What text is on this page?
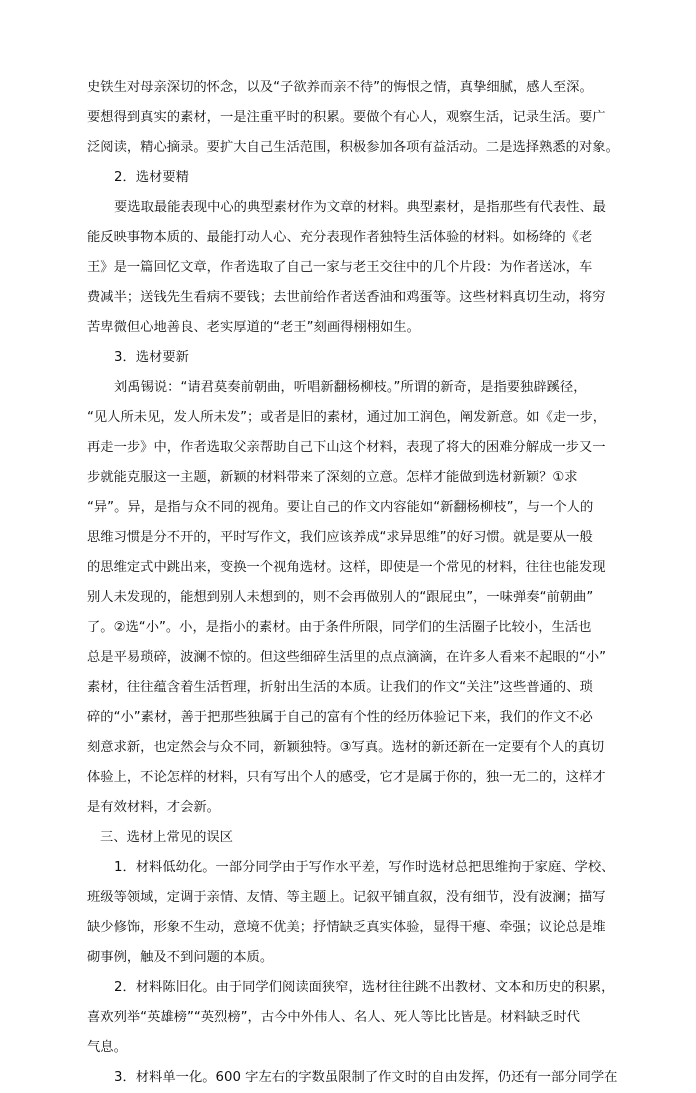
史铁生对母亲深切的怀念，以及“子欲养而亲不待”的悔恨之情，真挚细腻，感人至深。
要想得到真实的素材，一是注重平时的积累。要做个有心人，观察生活，记录生活。要广
泛阅读，精心摘录。要扩大自己生活范围，积极参加各项有益活动。二是选择熟悉的对象。
2．选材要精
要选取最能表现中心的典型素材作为文章的材料。典型素材，是指那些有代表性、最
能反映事物本质的、最能打动人心、充分表现作者独特生活体验的材料。如杨绛的《老
王》是一篇回忆文章，作者选取了自己一家与老王交往中的几个片段：为作者送冰，车
费减半；送钱先生看病不要钱；去世前给作者送香油和鸡蛋等。这些材料真切生动，将穷
苦卑微但心地善良、老实厚道的“老王”刻画得栩栩如生。
3．选材要新
刘禹锡说：“请君莫奏前朝曲，听唱新翻杨柳枝。”所谓的新奇，是指要独辟蹊径，
“见人所未见，发人所未发”；或者是旧的素材，通过加工润色，阐发新意。如《走一步，
再走一步》中，作者选取父亲帮助自己下山这个材料，表现了将大的困难分解成一步又一
步就能克服这一主题，新颖的材料带来了深刻的立意。怎样才能做到选材新颖？①求
“异”。异，是指与众不同的视角。要让自己的作文内容能如“新翻杨柳枝”，与一个人的
思维习惯是分不开的，平时写作文，我们应该养成“求异思维”的好习惯。就是要从一般
的思维定式中跳出来，变换一个视角选材。这样，即使是一个常见的材料，往往也能发现
别人未发现的，能想到别人未想到的，则不会再做别人的“跟屁虫”，一味弹奏“前朝曲”
了。②选“小”。小，是指小的素材。由于条件所限，同学们的生活圈子比较小，生活也
总是平易琐碎，波澜不惊的。但这些细碎生活里的点点滴滴，在许多人看来不起眼的“小”
素材，往往蕴含着生活哲理，折射出生活的本质。让我们的作文“关注”这些普通的、琐
碎的“小”素材，善于把那些独属于自己的富有个性的经历体验记下来，我们的作文不必
刻意求新，也定然会与众不同，新颖独特。③写真。选材的新还新在一定要有个人的真切
体验上，不论怎样的材料，只有写出个人的感受，它才是属于你的，独一无二的，这样才
是有效材料，才会新。
三、选材上常见的误区
1．材料低幼化。一部分同学由于写作水平差，写作时选材总把思维拘于家庭、学校、
班级等领域，定调于亲情、友情、等主题上。记叙平铺直叙，没有细节，没有波澜；描写
缺少修饰，形象不生动，意境不优美；抒情缺乏真实体验，显得干瘪、牵强；议论总是堆
砌事例，触及不到问题的本质。
2．材料陈旧化。由于同学们阅读面狭窄，选材往往跳不出教材、文本和历史的积累，
喜欢列举“英雄榜”“英烈榜”，古今中外伟人、名人、死人等比比皆是。材料缺乏时代
气息。
3．材料单一化。600 字左右的字数虽限制了作文时的自由发挥，仍还有一部分同学在
